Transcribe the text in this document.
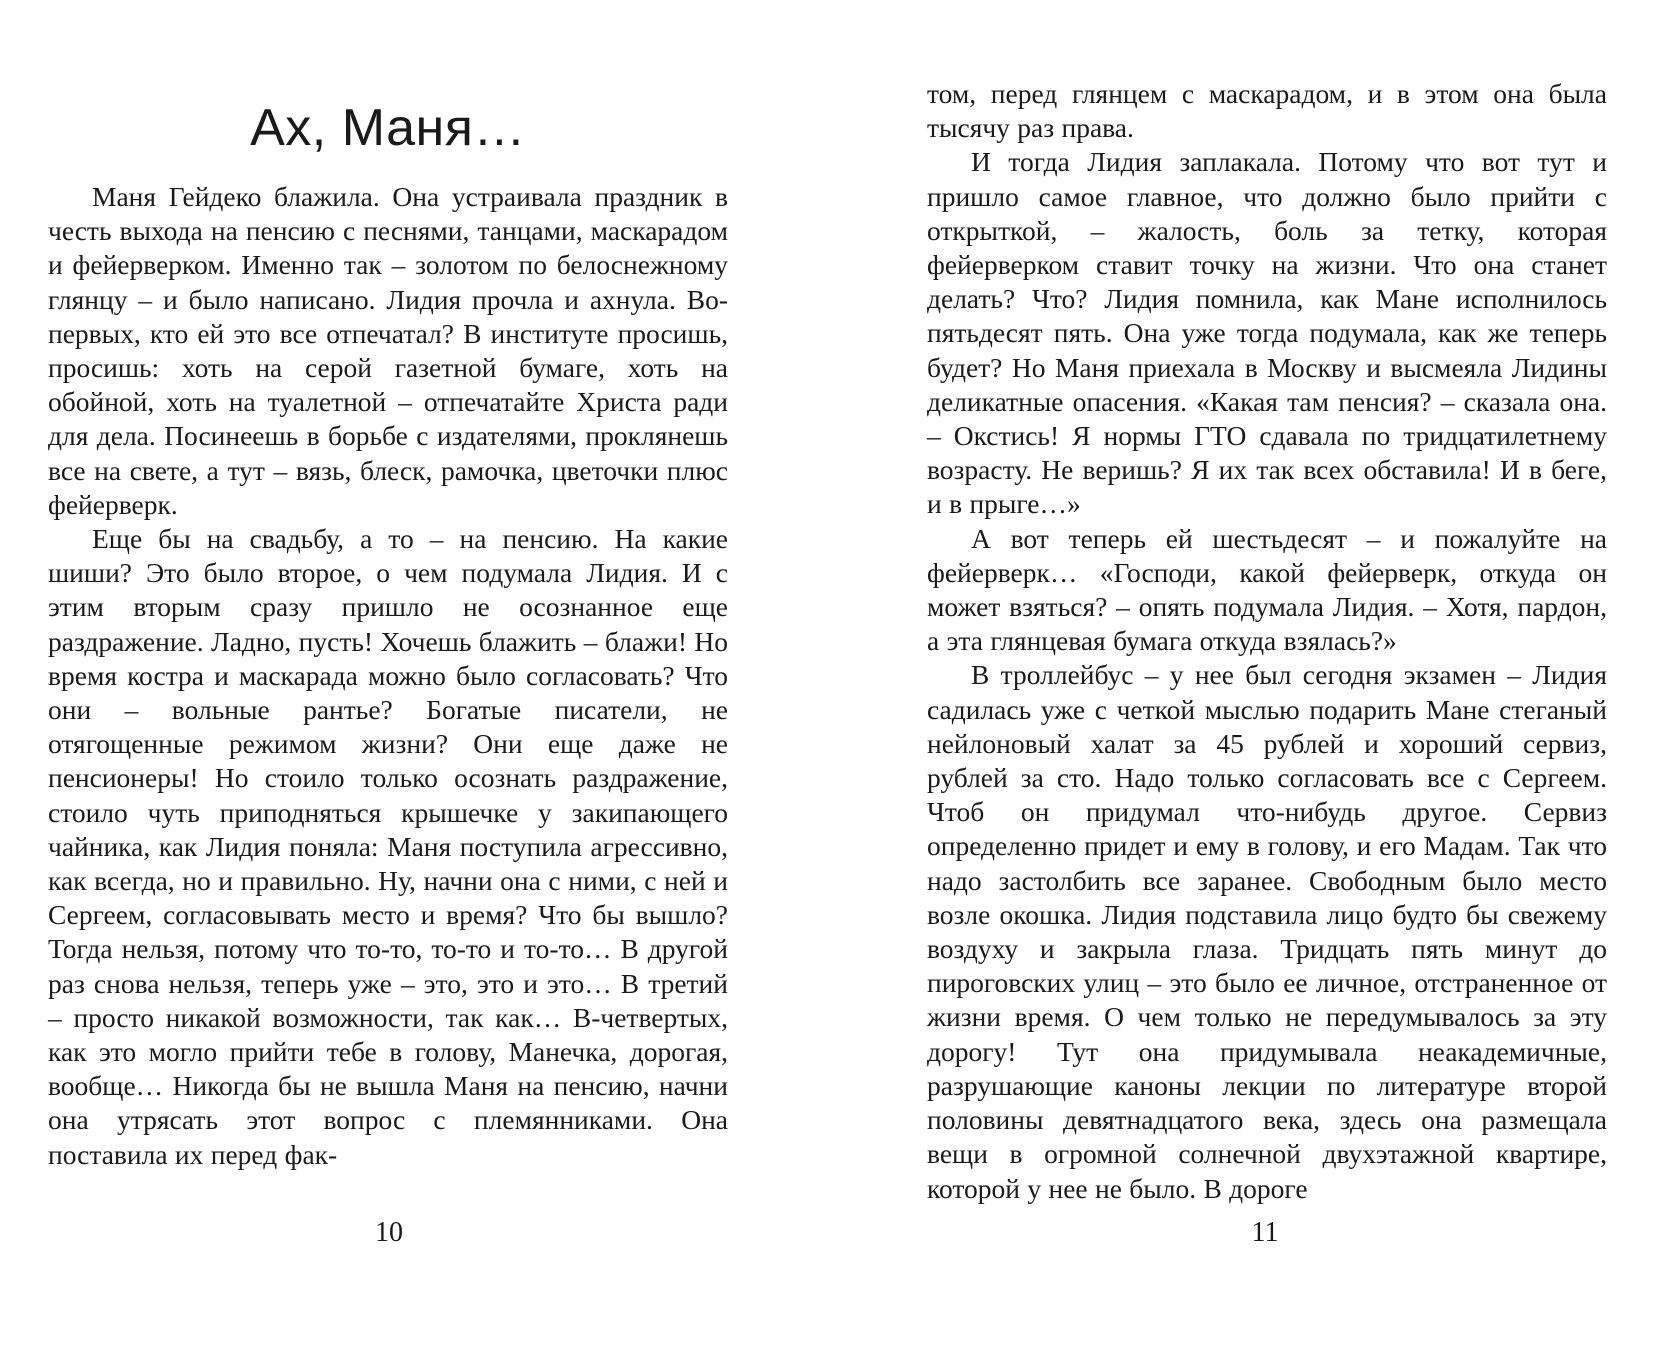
Ах, Маня…

Маня Гейдеко блажила. Она устраивала праздник в честь выхода на пенсию с песнями, танцами, маскарадом и фейерверком. Именно так – золотом по белоснежному глянцу – и было написано. Лидия прочла и ахнула. Во-первых, кто ей это все отпечатал? В институте просишь, просишь: хоть на серой газетной бумаге, хоть на обойной, хоть на туалетной – отпечатайте Христа ради для дела. Посинеешь в борьбе с издателями, проклянешь все на свете, а тут – вязь, блеск, рамочка, цветочки плюс фейерверк.

Еще бы на свадьбу, а то – на пенсию. На какие шиши? Это было второе, о чем подумала Лидия. И с этим вторым сразу пришло не осознанное еще раздражение. Ладно, пусть! Хочешь блажить – блажи! Но время костра и маскарада можно было согласовать? Что они – вольные рантье? Богатые писатели, не отягощенные режимом жизни? Они еще даже не пенсионеры! Но стоило только осознать раздражение, стоило чуть приподняться крышечке у закипающего чайника, как Лидия поняла: Маня поступила агрессивно, как всегда, но и правильно. Ну, начни она с ними, с ней и Сергеем, согласовывать место и время? Что бы вышло? Тогда нельзя, потому что то-то, то-то и то-то… В другой раз снова нельзя, теперь уже – это, это и это… В третий – просто никакой возможности, так как… В-четвертых, как это могло прийти тебе в голову, Манечка, дорогая, вообще… Никогда бы не вышла Маня на пенсию, начни она утрясать этот вопрос с племянниками. Она поставила их перед фак-

10

том, перед глянцем с маскарадом, и в этом она была тысячу раз права.

И тогда Лидия заплакала. Потому что вот тут и пришло самое главное, что должно было прийти с открыткой, – жалость, боль за тетку, которая фейерверком ставит точку на жизни. Что она станет делать? Что? Лидия помнила, как Мане исполнилось пятьдесят пять. Она уже тогда подумала, как же теперь будет? Но Маня приехала в Москву и высмеяла Лидины деликатные опасения. «Какая там пенсия? – сказала она. – Окстись! Я нормы ГТО сдавала по тридцатилетнему возрасту. Не веришь? Я их так всех обставила! И в беге, и в прыге…»

А вот теперь ей шестьдесят – и пожалуйте на фейерверк… «Господи, какой фейерверк, откуда он может взяться? – опять подумала Лидия. – Хотя, пардон, а эта глянцевая бумага откуда взялась?»

В троллейбус – у нее был сегодня экзамен – Лидия садилась уже с четкой мыслью подарить Мане стеганый нейлоновый халат за 45 рублей и хороший сервиз, рублей за сто. Надо только согласовать все с Сергеем. Чтоб он придумал что-нибудь другое. Сервиз определенно придет и ему в голову, и его Мадам. Так что надо застолбить все заранее. Свободным было место возле окошка. Лидия подставила лицо будто бы свежему воздуху и закрыла глаза. Тридцать пять минут до пироговских улиц – это было ее личное, отстраненное от жизни время. О чем только не передумывалось за эту дорогу! Тут она придумывала неакадемичные, разрушающие каноны лекции по литературе второй половины девятнадцатого века, здесь она размещала вещи в огромной солнечной двухэтажной квартире, которой у нее не было. В дороге

11
